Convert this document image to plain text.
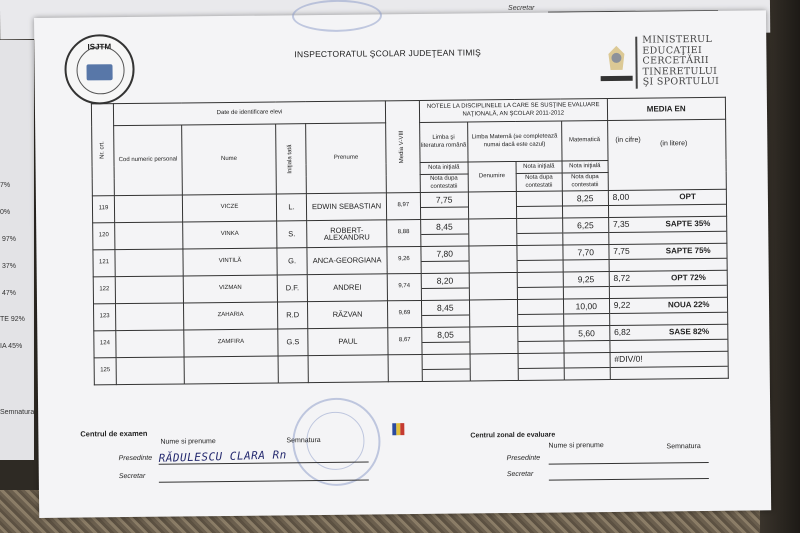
Secretar
7%
0%
97%
37%
47%
TE 92%
IA 45%
Semnatura
ISJTM
INSPECTORATUL ŞCOLAR JUDEŢEAN TIMIŞ
MINISTERUL
EDUCAŢIEI
CERCETĂRII
TINERETULUI
ŞI SPORTULUI
Nr. crt.	Date de identificare elevi				Media V-VIII	NOTELE LA DISCIPLINELE LA CARE SE SUSŢINE EVALUARE NAŢIONALĂ, AN ŞCOLAR 2011-2012				MEDIA EN
	Cod numeric personal	Nume	Iniţiala tată	Prenume		Limba şi literatura română	Limba Maternă (se completează numai dacă este cazul)		Matematică	(in cifre) (in litere)

						Nota iniţială	Denumire	Nota iniţială	Nota iniţială	
						Nota dupa contestatii		Nota dupa contestatii	Nota dupa contestatii	
119		VICZE	L.	EDWIN SEBASTIAN	8,97	7,75			8,25	8,00 OPT

120		VINKA	S.	ROBERT-ALEXANDRU	8,88	8,45			6,25	7,35 SAPTE 35%

121		VINTILĂ	G.	ANCA-GEORGIANA	9,26	7,80			7,70	7,75 SAPTE 75%

122		VIZMAN	D.F.	ANDREI	9,74	8,20			9,25	8,72 OPT 72%

123		ZAHARIA	R.D	RĂZVAN	9,69	8,45			10,00	9,22 NOUA 22%

124		ZAMFIRA	G.S	PAUL	8,67	8,05			5,60	6,82 SASE 82%

125										#DIV/0!
Centrul de examen
Nume si prenume	Semnatura
Presedinte RĂDULESCU CLARA Rn
Secretar
Centrul zonal de evaluare
Nume si prenume	Semnatura
Presedinte
Secretar
